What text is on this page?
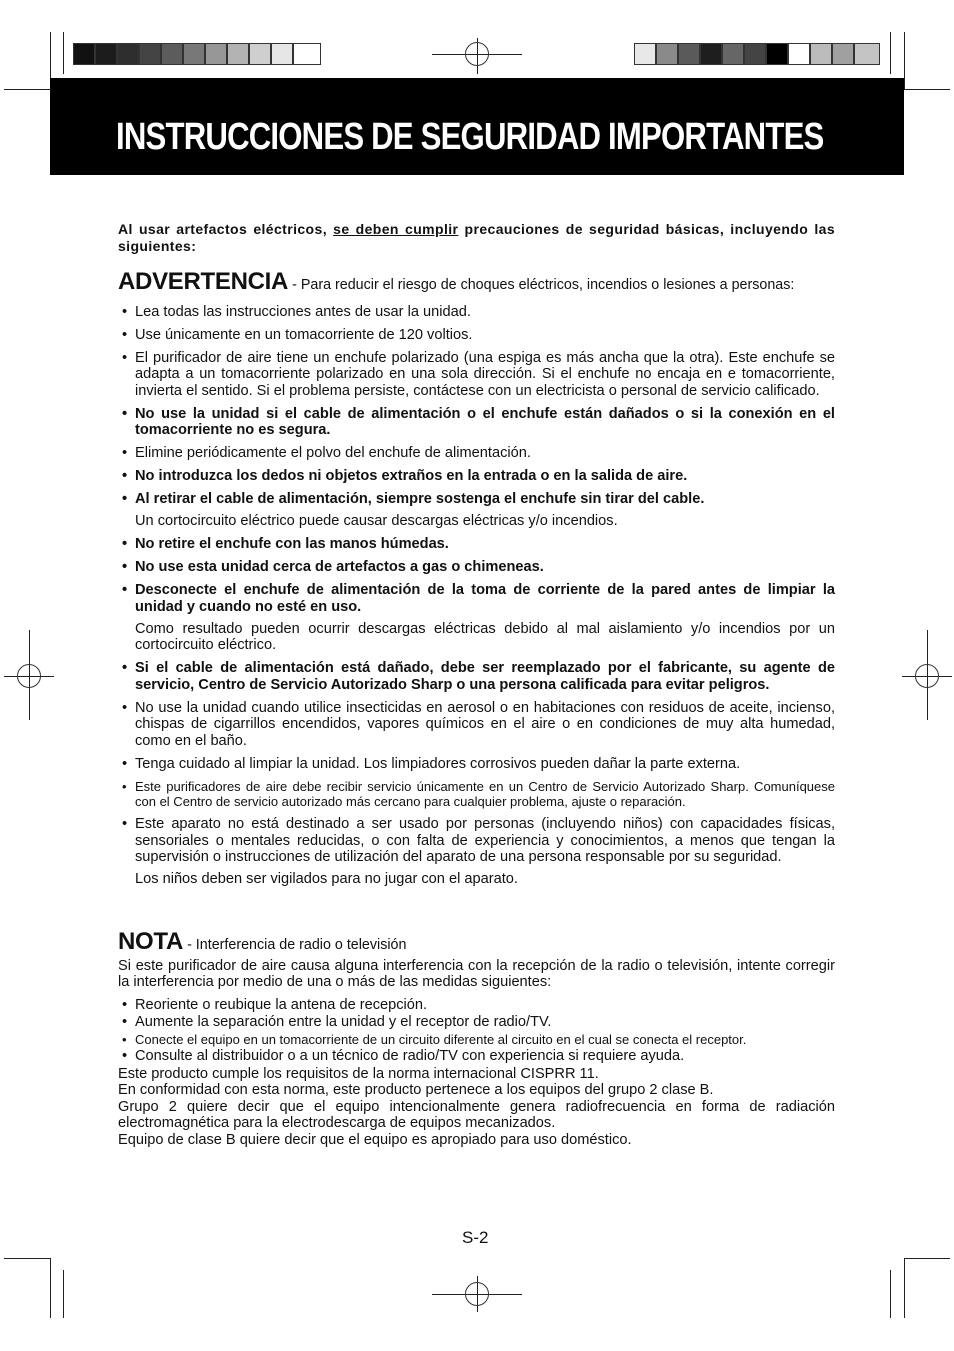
INSTRUCCIONES DE SEGURIDAD IMPORTANTES

Al usar artefactos eléctricos, se deben cumplir precauciones de seguridad básicas, incluyendo las siguientes:

ADVERTENCIA - Para reducir el riesgo de choques eléctricos, incendios o lesiones a personas:
• Lea todas las instrucciones antes de usar la unidad.
• Use únicamente en un tomacorriente de 120 voltios.
• El purificador de aire tiene un enchufe polarizado (una espiga es más ancha que la otra). Este enchufe se adapta a un tomacorriente polarizado en una sola dirección. Si el enchufe no encaja en e tomacorriente, invierta el sentido. Si el problema persiste, contáctese con un electricista o personal de servicio calificado.
• No use la unidad si el cable de alimentación o el enchufe están dañados o si la conexión en el tomacorriente no es segura.
• Elimine periódicamente el polvo del enchufe de alimentación.
• No introduzca los dedos ni objetos extraños en la entrada o en la salida de aire.
• Al retirar el cable de alimentación, siempre sostenga el enchufe sin tirar del cable.
Un cortocircuito eléctrico puede causar descargas eléctricas y/o incendios.
• No retire el enchufe con las manos húmedas.
• No use esta unidad cerca de artefactos a gas o chimeneas.
• Desconecte el enchufe de alimentación de la toma de corriente de la pared antes de limpiar la unidad y cuando no esté en uso.
Como resultado pueden ocurrir descargas eléctricas debido al mal aislamiento y/o incendios por un cortocircuito eléctrico.
• Si el cable de alimentación está dañado, debe ser reemplazado por el fabricante, su agente de servicio, Centro de Servicio Autorizado Sharp o una persona calificada para evitar peligros.
• No use la unidad cuando utilice insecticidas en aerosol o en habitaciones con residuos de aceite, incienso, chispas de cigarrillos encendidos, vapores químicos en el aire o en condiciones de muy alta humedad, como en el baño.
• Tenga cuidado al limpiar la unidad. Los limpiadores corrosivos pueden dañar la parte externa.
• Este purificadores de aire debe recibir servicio únicamente en un Centro de Servicio Autorizado Sharp. Comuníquese con el Centro de servicio autorizado más cercano para cualquier problema, ajuste o reparación.
• Este aparato no está destinado a ser usado por personas (incluyendo niños) con capacidades físicas, sensoriales o mentales reducidas, o con falta de experiencia y conocimientos, a menos que tengan la supervisión o instrucciones de utilización del aparato de una persona responsable por su seguridad.
Los niños deben ser vigilados para no jugar con el aparato.
NOTA - Interferencia de radio o televisión

Si este purificador de aire causa alguna interferencia con la recepción de la radio o televisión, intente corregir la interferencia por medio de una o más de las medidas siguientes:

• Reoriente o reubique la antena de recepción.
• Aumente la separación entre la unidad y el receptor de radio/TV.
• Conecte el equipo en un tomacorriente de un circuito diferente al circuito en el cual se conecta el receptor.
• Consulte al distribuidor o a un técnico de radio/TV con experiencia si requiere ayuda.

Este producto cumple los requisitos de la norma internacional CISPRR 11.

En conformidad con esta norma, este producto pertenece a los equipos del grupo 2 clase B.

Grupo 2 quiere decir que el equipo intencionalmente genera radiofrecuencia en forma de radiación electromagnética para la electrodescarga de equipos mecanizados.

Equipo de clase B quiere decir que el equipo es apropiado para uso doméstico.

S-2
